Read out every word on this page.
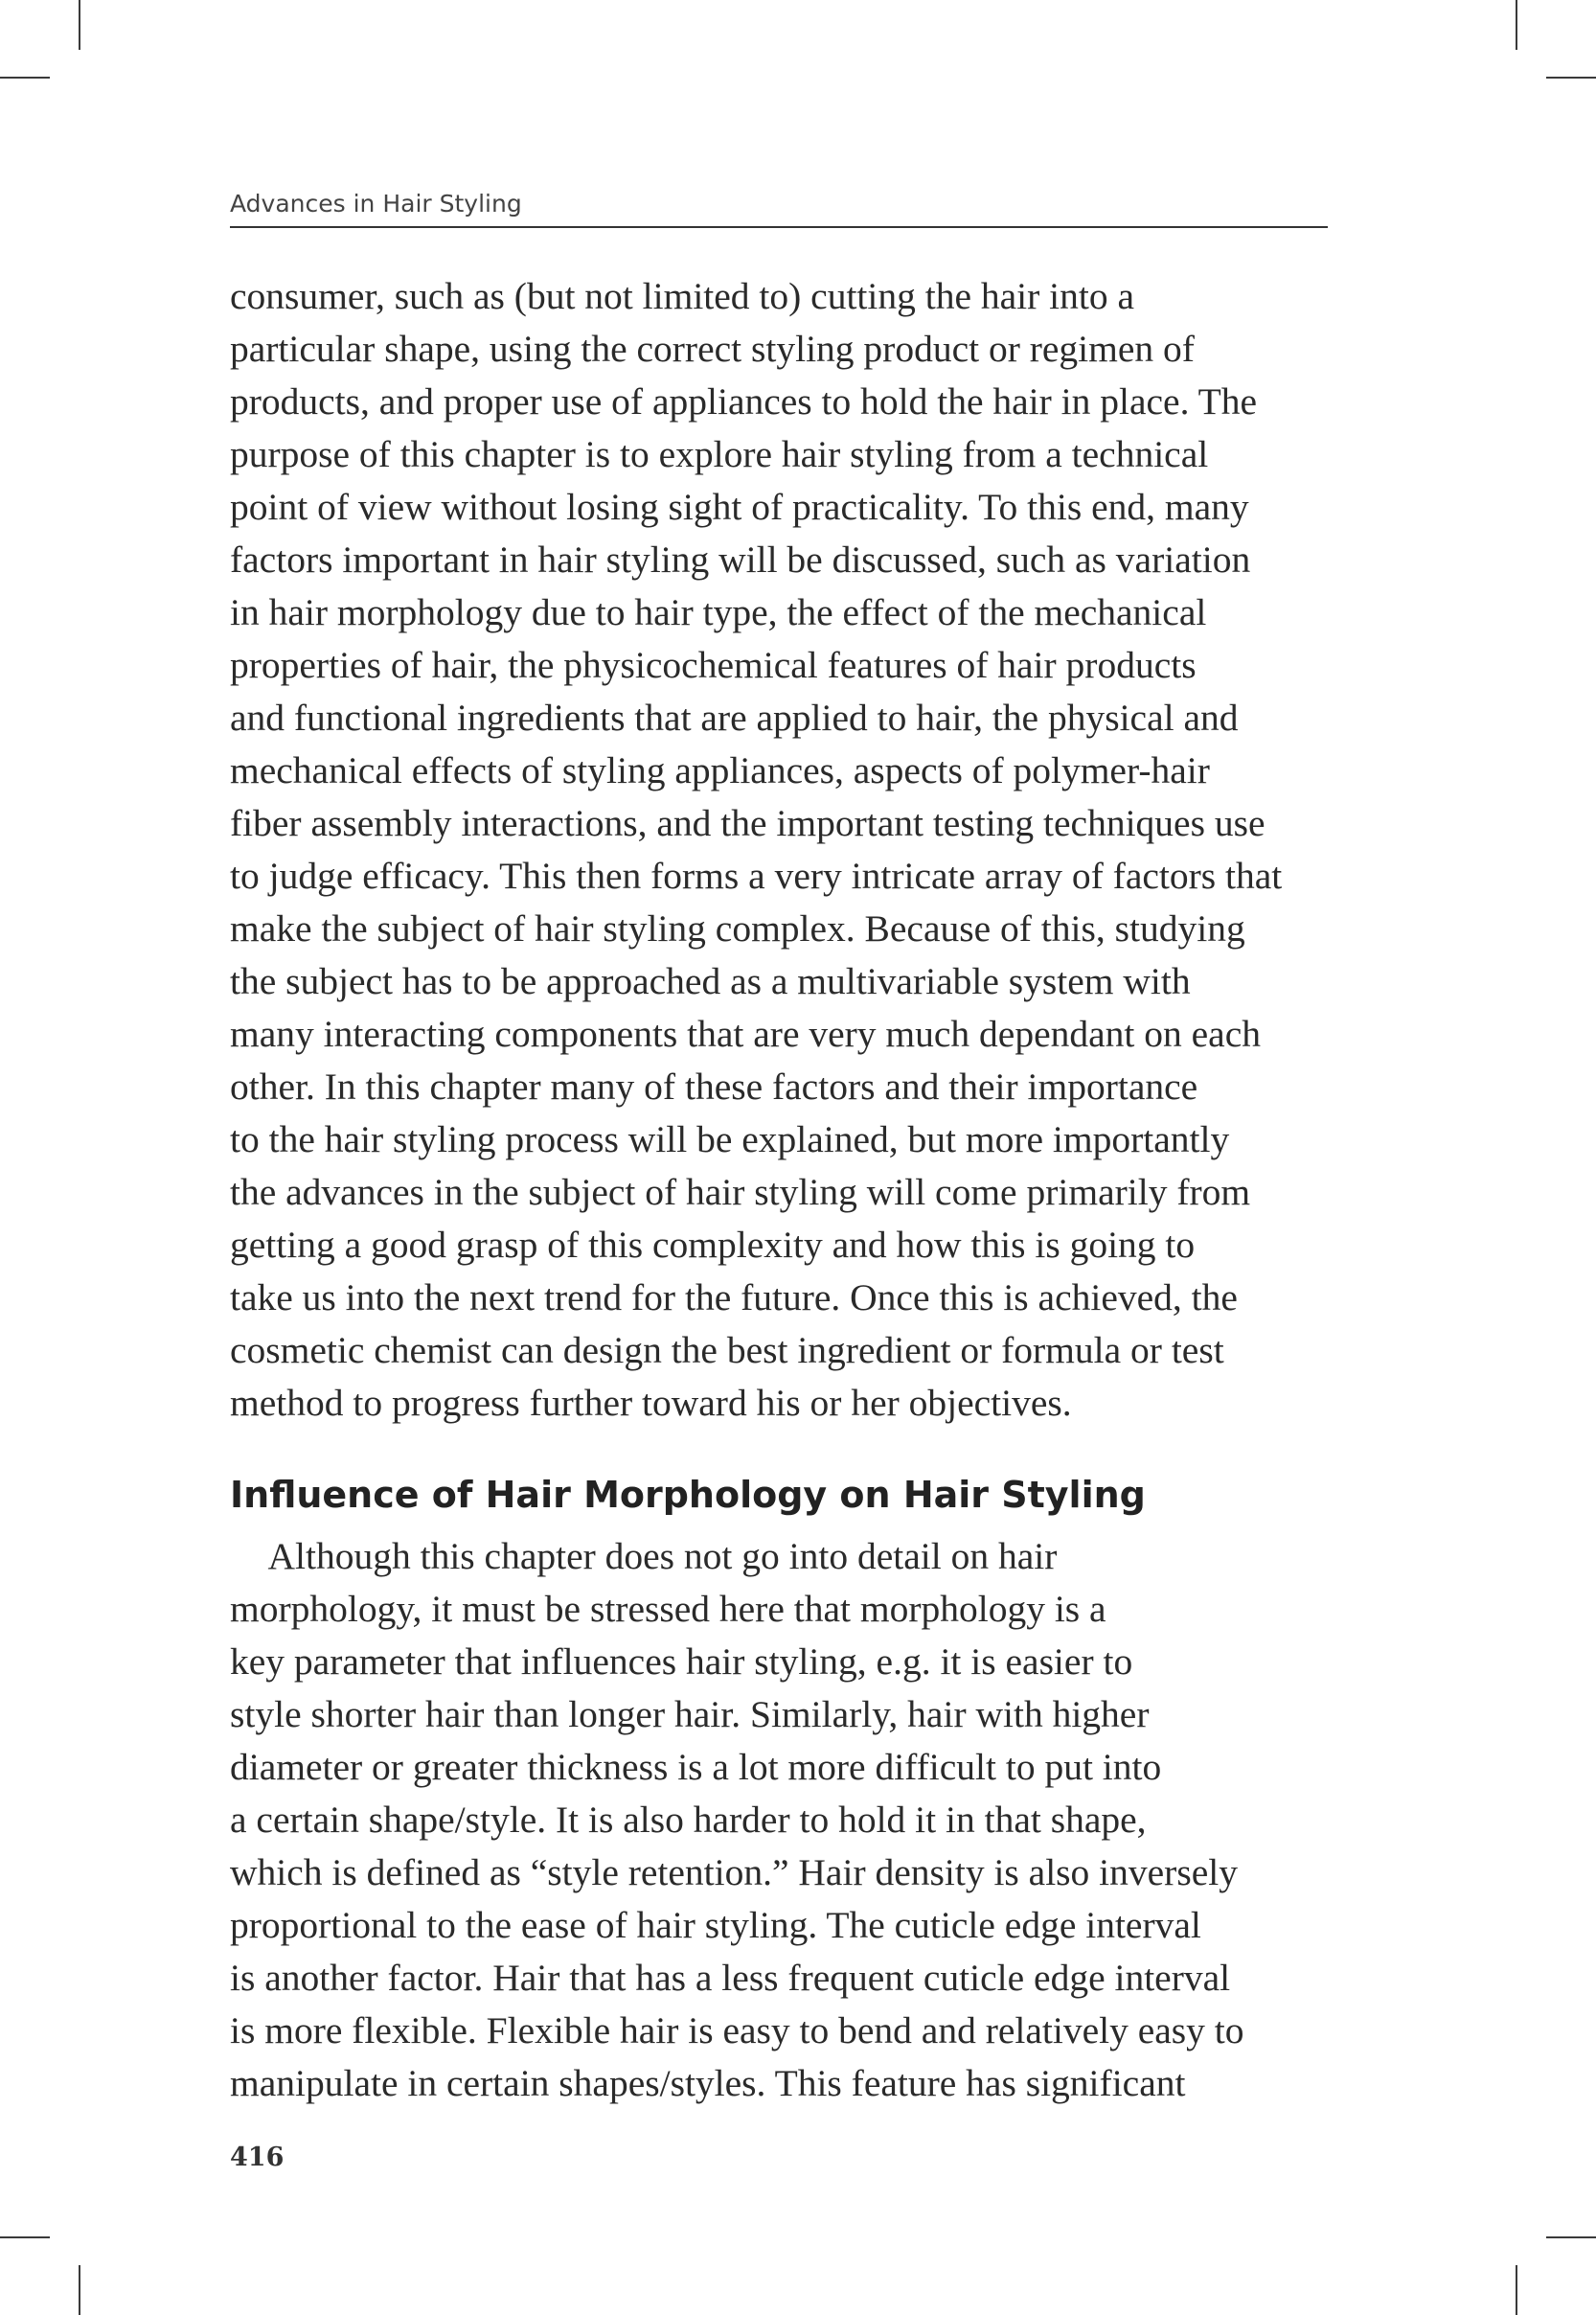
Advances in Hair Styling
consumer, such as (but not limited to) cutting the hair into a
particular shape, using the correct styling product or regimen of
products, and proper use of appliances to hold the hair in place. The
purpose of this chapter is to explore hair styling from a technical
point of view without losing sight of practicality. To this end, many
factors important in hair styling will be discussed, such as variation
in hair morphology due to hair type, the effect of the mechanical
properties of hair, the physicochemical features of hair products
and functional ingredients that are applied to hair, the physical and
mechanical effects of styling appliances, aspects of polymer-hair
fiber assembly interactions, and the important testing techniques use
to judge efficacy. This then forms a very intricate array of factors that
make the subject of hair styling complex. Because of this, studying
the subject has to be approached as a multivariable system with
many interacting components that are very much dependant on each
other. In this chapter many of these factors and their importance
to the hair styling process will be explained, but more importantly
the advances in the subject of hair styling will come primarily from
getting a good grasp of this complexity and how this is going to
take us into the next trend for the future. Once this is achieved, the
cosmetic chemist can design the best ingredient or formula or test
method to progress further toward his or her objectives.
Influence of Hair Morphology on Hair Styling
 Although this chapter does not go into detail on hair
morphology, it must be stressed here that morphology is a
key parameter that influences hair styling, e.g. it is easier to
style shorter hair than longer hair. Similarly, hair with higher
diameter or greater thickness is a lot more difficult to put into
a certain shape/style. It is also harder to hold it in that shape,
which is defined as “style retention.” Hair density is also inversely
proportional to the ease of hair styling. The cuticle edge interval
is another factor. Hair that has a less frequent cuticle edge interval
is more flexible. Flexible hair is easy to bend and relatively easy to
manipulate in certain shapes/styles. This feature has significant
416
